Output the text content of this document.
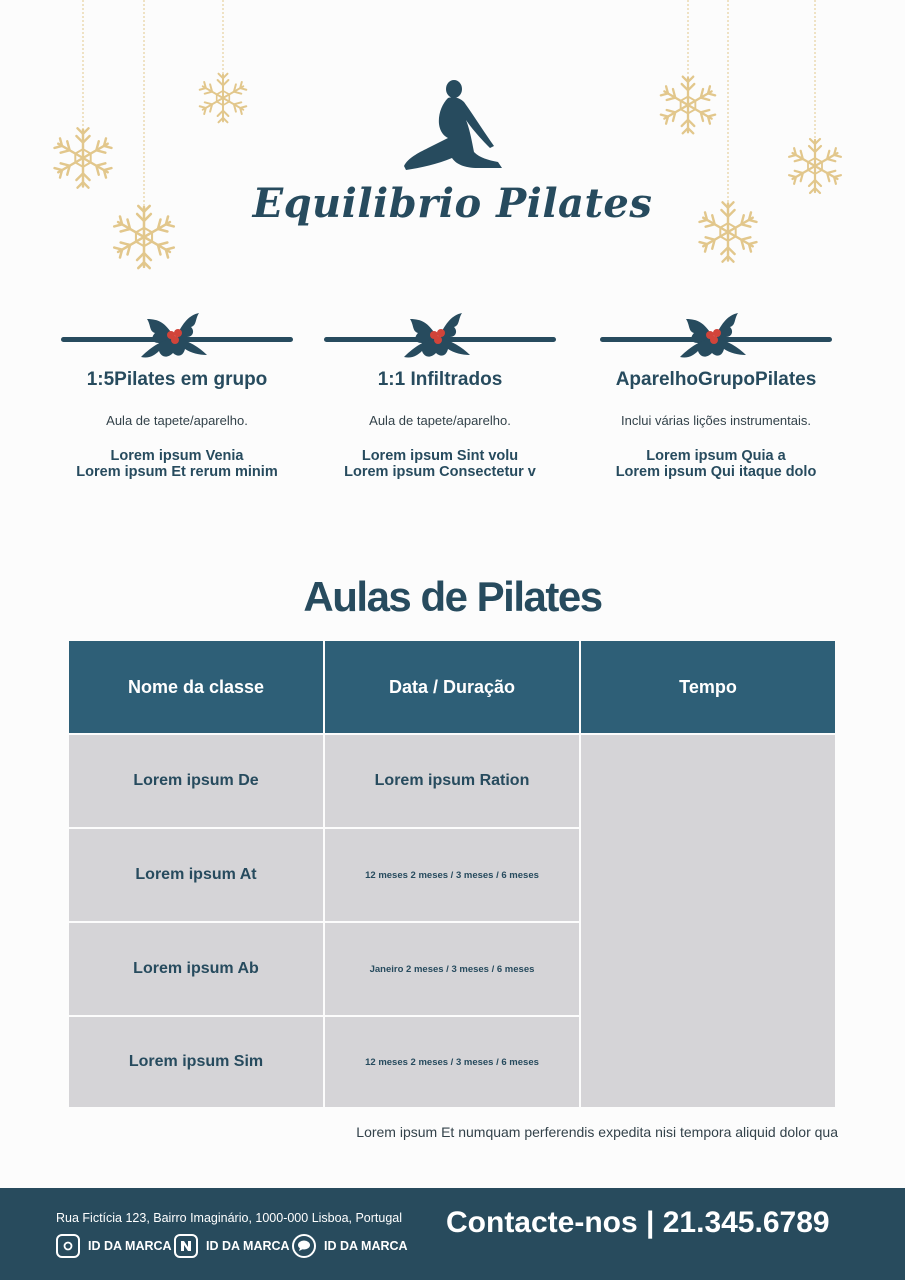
Equilibrio Pilates
1:5Pilates em grupo
Aula de tapete/aparelho.
Lorem ipsum Venia
Lorem ipsum Et rerum minim
1:1 Infiltrados
Aula de tapete/aparelho.
Lorem ipsum Sint volu
Lorem ipsum Consectetur v
AparelhoGrupoPilates
Inclui várias lições instrumentais.
Lorem ipsum Quia a
Lorem ipsum Qui itaque dolo
Aulas de Pilates
Nome da classe	Data / Duração	Tempo
Lorem ipsum De	Lorem ipsum Ration
Lorem ipsum At	12 meses 2 meses / 3 meses / 6 meses
Lorem ipsum Ab	Janeiro 2 meses / 3 meses / 6 meses
Lorem ipsum Sim	12 meses 2 meses / 3 meses / 6 meses
Lorem ipsum Et numquam perferendis expedita nisi tempora aliquid dolor qua
Rua Fictícia 123, Bairro Imaginário, 1000-000 Lisboa, Portugal
ID DA MARCA	ID DA MARCA	ID DA MARCA
Contacte-nos | 21.345.6789
